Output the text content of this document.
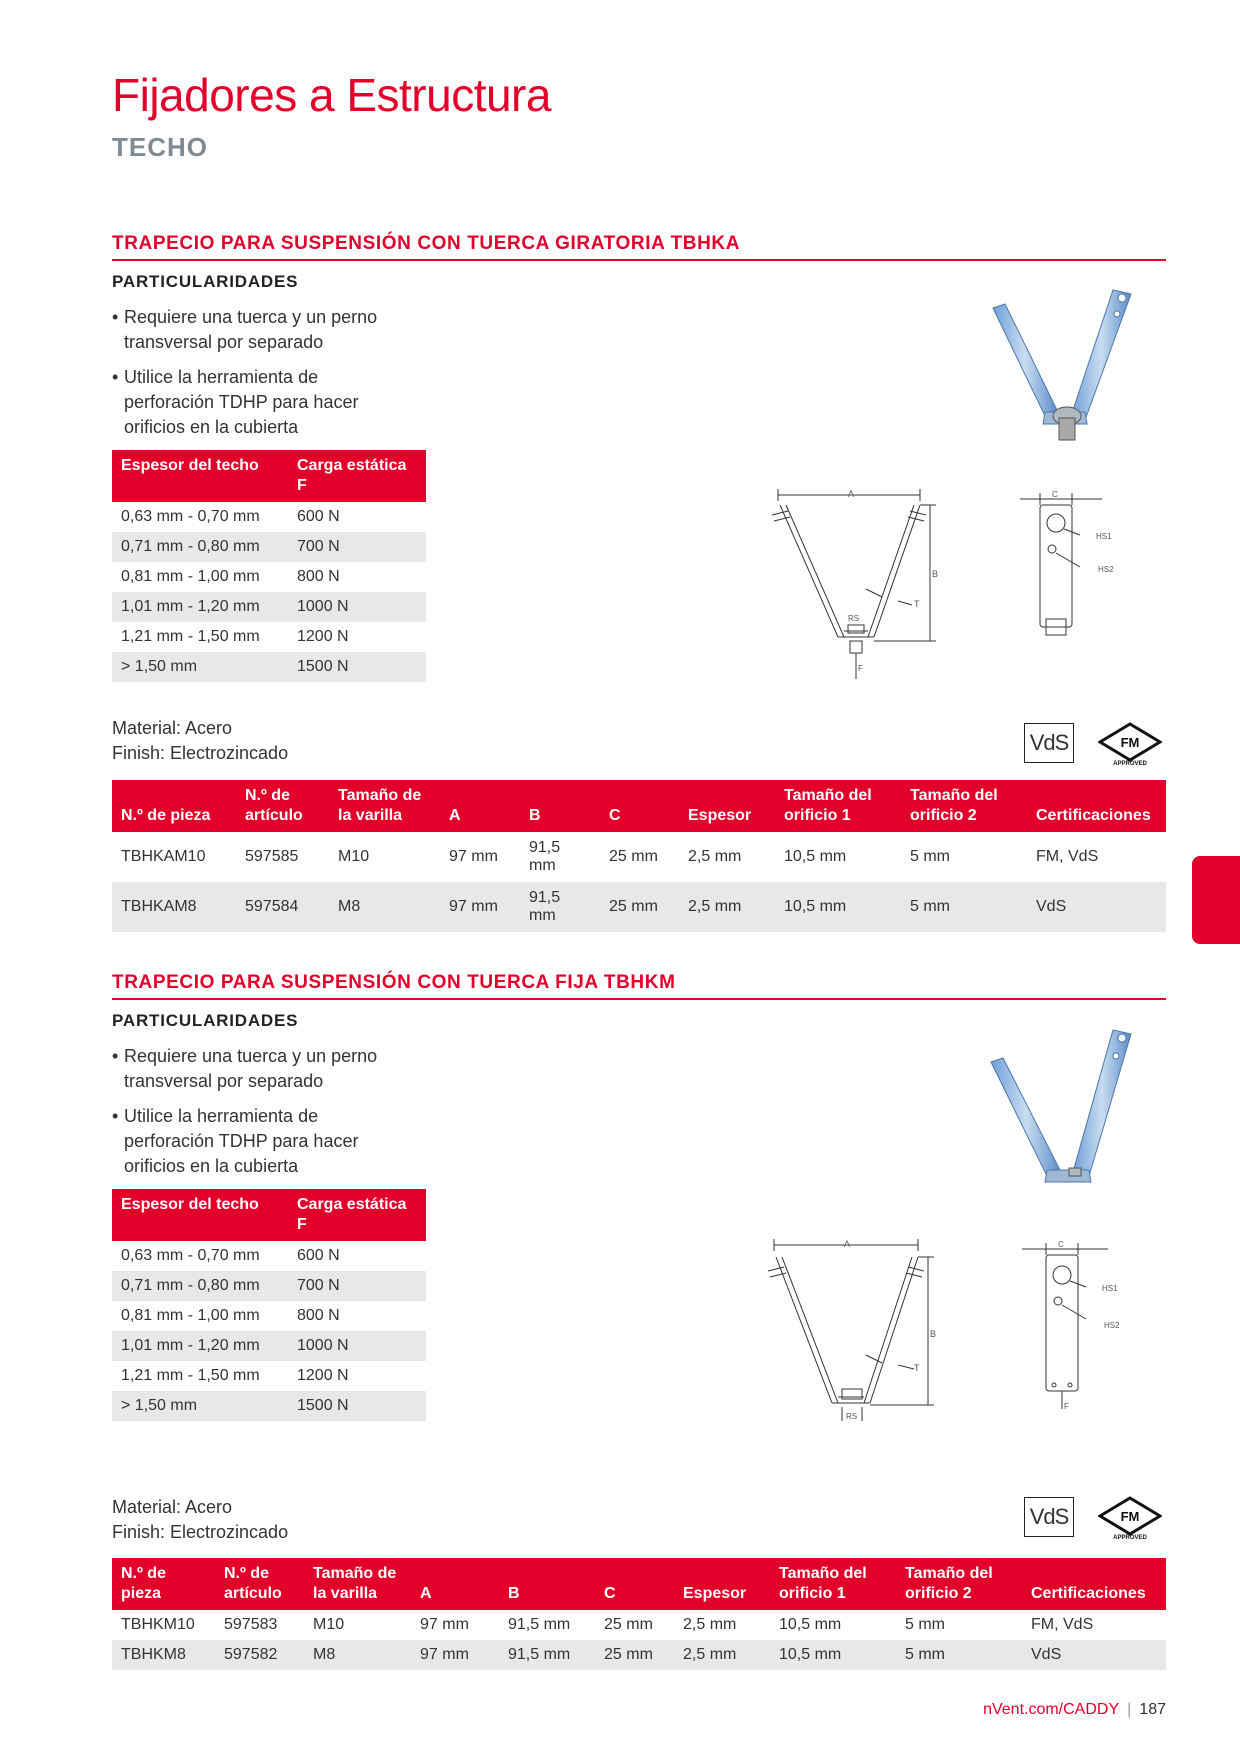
Fijadores a Estructura
TECHO
TRAPECIO PARA SUSPENSIÓN CON TUERCA GIRATORIA TBHKA
PARTICULARIDADES
• Requiere una tuerca y un perno transversal por separado
• Utilice la herramienta de perforación TDHP para hacer orificios en la cubierta
Espesor del techo	Carga estática F
0,63 mm - 0,70 mm	600 N
0,71 mm - 0,80 mm	700 N
0,81 mm - 1,00 mm	800 N
1,01 mm - 1,20 mm	1000 N
1,21 mm - 1,50 mm	1200 N
> 1,50 mm	1500 N
A
B
T
RS
F
C
HS1
HS2
Material: Acero
Finish: Electrozincado	VdS	FM
APPROVED
N.º de pieza	N.º de artículo	Tamaño de la varilla	A	B	C	Espesor	Tamaño del orificio 1	Tamaño del orificio 2	Certificaciones
TBHKAM10	597585	M10	97 mm	91,5 mm	25 mm	2,5 mm	10,5 mm	5 mm	FM, VdS
TBHKAM8	597584	M8	97 mm	91,5 mm	25 mm	2,5 mm	10,5 mm	5 mm	VdS
TRAPECIO PARA SUSPENSIÓN CON TUERCA FIJA TBHKM
PARTICULARIDADES
• Requiere una tuerca y un perno transversal por separado
• Utilice la herramienta de perforación TDHP para hacer orificios en la cubierta
Espesor del techo	Carga estática F
0,63 mm - 0,70 mm	600 N
0,71 mm - 0,80 mm	700 N
0,81 mm - 1,00 mm	800 N
1,01 mm - 1,20 mm	1000 N
1,21 mm - 1,50 mm	1200 N
> 1,50 mm	1500 N
A
B
T
RS
C
HS1
HS2
F
Material: Acero
Finish: Electrozincado
VdS	FM
APPROVED
N.º de pieza	N.º de artículo	Tamaño de la varilla	A	B	C	Espesor	Tamaño del orificio 1	Tamaño del orificio 2	Certificaciones
TBHKM10	597583	M10	97 mm	91,5 mm	25 mm	2,5 mm	10,5 mm	5 mm	FM, VdS
TBHKM8	597582	M8	97 mm	91,5 mm	25 mm	2,5 mm	10,5 mm	5 mm	VdS
nVent.com/CADDY | 187
